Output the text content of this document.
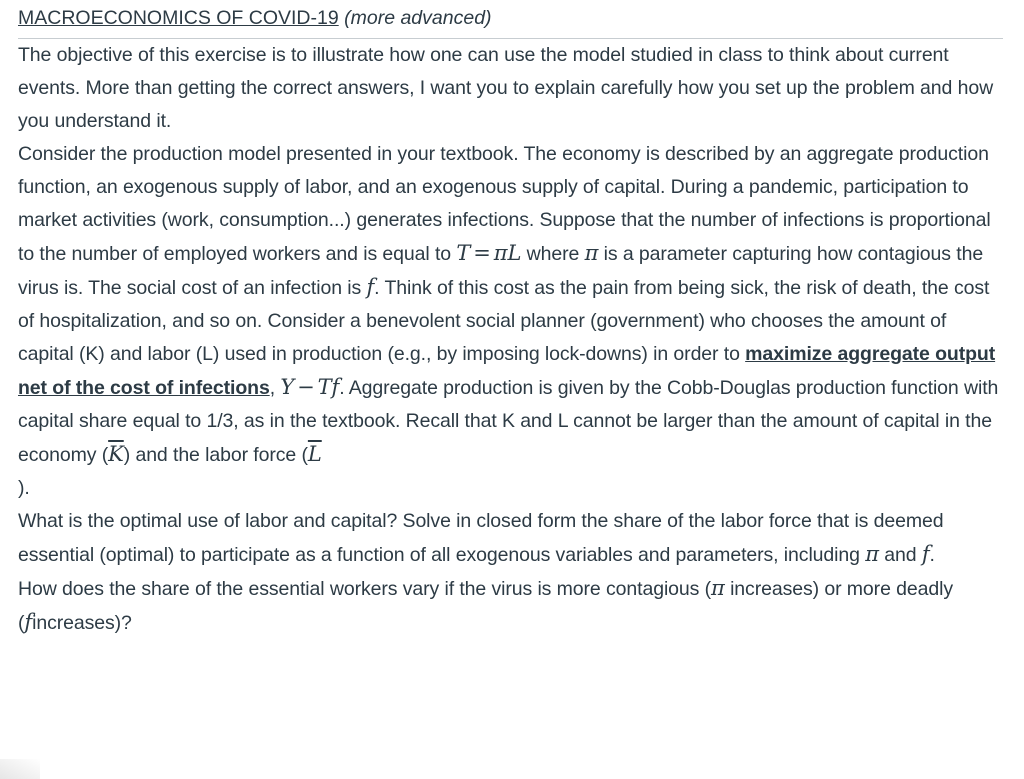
MACROECONOMICS OF COVID-19 (more advanced)

The objective of this exercise is to illustrate how one can use the model studied in class to think about current events. More than getting the correct answers, I want you to explain carefully how you set up the problem and how you understand it.

Consider the production model presented in your textbook. The economy is described by an aggregate production function, an exogenous supply of labor, and an exogenous supply of capital. During a pandemic, participation to market activities (work, consumption...) generates infections. Suppose that the number of infections is proportional to the number of employed workers and is equal to T = πL where π is a parameter capturing how contagious the virus is. The social cost of an infection is f. Think of this cost as the pain from being sick, the risk of death, the cost of hospitalization, and so on. Consider a benevolent social planner (government) who chooses the amount of capital (K) and labor (L) used in production (e.g., by imposing lock-downs) in order to maximize aggregate output net of the cost of infections, Y − Tf. Aggregate production is given by the Cobb-Douglas production function with capital share equal to 1/3, as in the textbook. Recall that K and L cannot be larger than the amount of capital in the economy $(\overline{K})$ and the labor force ($\overline{L}$
).

What is the optimal use of labor and capital? Solve in closed form the share of the labor force that is deemed essential (optimal) to participate as a function of all exogenous variables and parameters, including π and f.

How does the share of the essential workers vary if the virus is more contagious (π increases) or more deadly (fincreases)?
